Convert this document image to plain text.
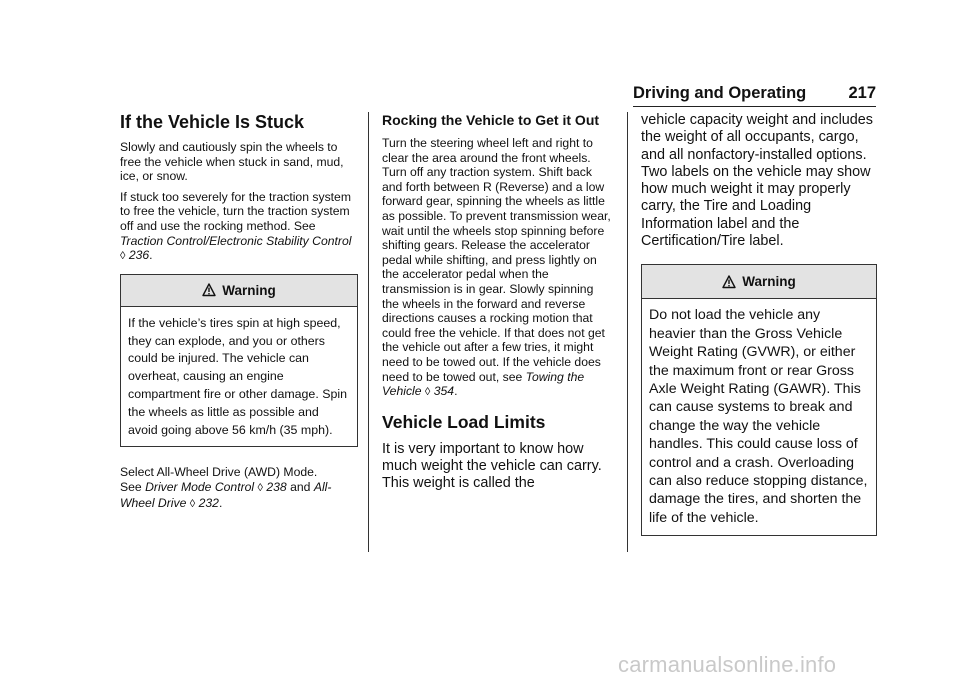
Driving and Operating	217
If the Vehicle Is Stuck

Slowly and cautiously spin the wheels to free the vehicle when stuck in sand, mud, ice, or snow.

If stuck too severely for the traction system to free the vehicle, turn the traction system off and use the rocking method. See Traction Control/Electronic Stability Control ◊ 236.

Warning
If the vehicle’s tires spin at high speed, they can explode, and you or others could be injured. The vehicle can overheat, causing an engine compartment fire or other damage. Spin the wheels as little as possible and avoid going above 56 km/h (35 mph).

Select All-Wheel Drive (AWD) Mode.
See Driver Mode Control ◊ 238 and All-Wheel Drive ◊ 232.

Rocking the Vehicle to Get it Out

Turn the steering wheel left and right to clear the area around the front wheels. Turn off any traction system. Shift back and forth between R (Reverse) and a low forward gear, spinning the wheels as little as possible. To prevent transmission wear, wait until the wheels stop spinning before shifting gears. Release the accelerator pedal while shifting, and press lightly on the accelerator pedal when the transmission is in gear. Slowly spinning the wheels in the forward and reverse directions causes a rocking motion that could free the vehicle. If that does not get the vehicle out after a few tries, it might need to be towed out. If the vehicle does need to be towed out, see Towing the Vehicle ◊ 354.

Vehicle Load Limits

It is very important to know how much weight the vehicle can carry. This weight is called the

vehicle capacity weight and includes the weight of all occupants, cargo, and all nonfactory-installed options. Two labels on the vehicle may show how much weight it may properly carry, the Tire and Loading Information label and the Certification/Tire label.

Warning
Do not load the vehicle any heavier than the Gross Vehicle Weight Rating (GVWR), or either the maximum front or rear Gross Axle Weight Rating (GAWR). This can cause systems to break and change the way the vehicle handles. This could cause loss of control and a crash. Overloading can also reduce stopping distance, damage the tires, and shorten the life of the vehicle.
carmanualsonline.info
